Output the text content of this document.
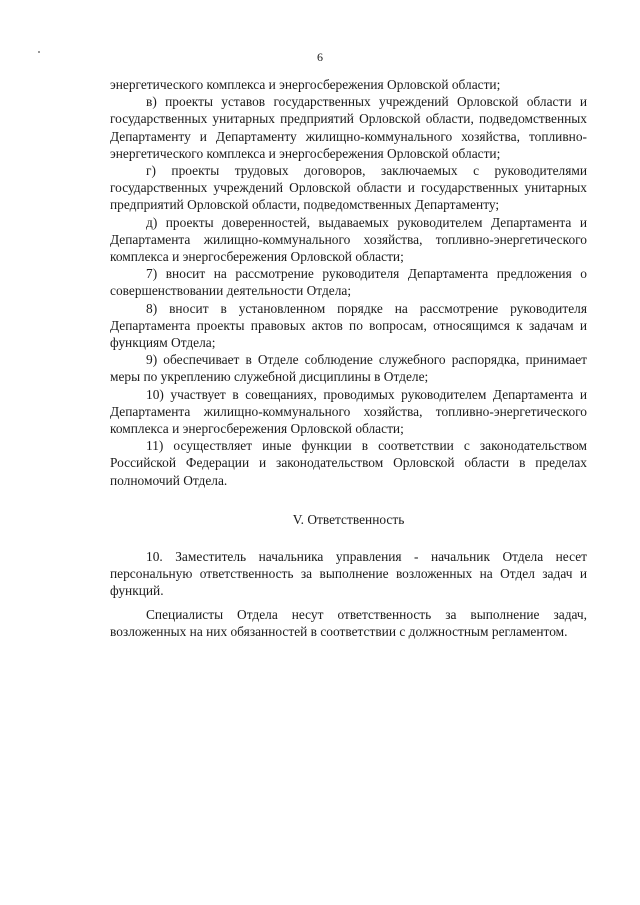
6

энергетического комплекса и энергосбережения Орловской области;

в) проекты уставов государственных учреждений Орловской области и государственных унитарных предприятий Орловской области, подведомственных Департаменту и Департаменту жилищно-коммунального хозяйства, топливно-энергетического комплекса и энергосбережения Орловской области;

г) проекты трудовых договоров, заключаемых с руководителями государственных учреждений Орловской области и государственных унитарных предприятий Орловской области, подведомственных Департаменту;

д) проекты доверенностей, выдаваемых руководителем Департамента и Департамента жилищно-коммунального хозяйства, топливно-энергетического комплекса и энергосбережения Орловской области;

7) вносит на рассмотрение руководителя Департамента предложения о совершенствовании деятельности Отдела;

8) вносит в установленном порядке на рассмотрение руководителя Департамента проекты правовых актов по вопросам, относящимся к задачам и функциям Отдела;

9) обеспечивает в Отделе соблюдение служебного распорядка, принимает меры по укреплению служебной дисциплины в Отделе;

10) участвует в совещаниях, проводимых руководителем Департамента и Департамента жилищно-коммунального хозяйства, топливно-энергетического комплекса и энергосбережения Орловской области;

11) осуществляет иные функции в соответствии с законодательством Российской Федерации и законодательством Орловской области в пределах полномочий Отдела.

V. Ответственность

10. Заместитель начальника управления - начальник Отдела несет персональную ответственность за выполнение возложенных на Отдел задач и функций.

Специалисты Отдела несут ответственность за выполнение задач, возложенных на них обязанностей в соответствии с должностным регламентом.
